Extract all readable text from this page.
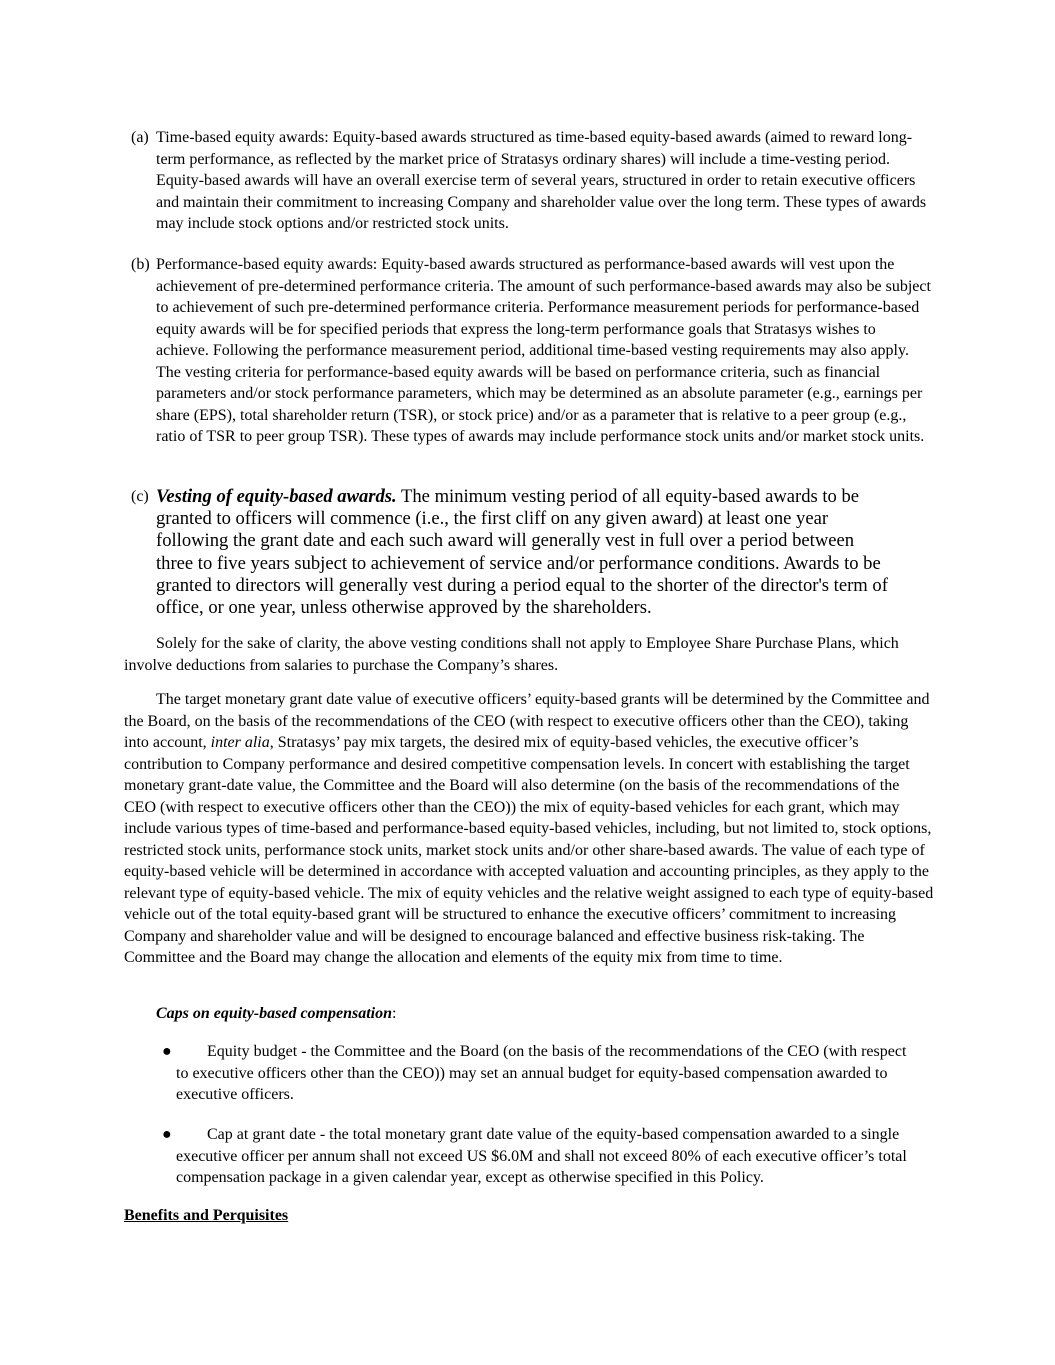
(a) Time-based equity awards: Equity-based awards structured as time-based equity-based awards (aimed to reward long-term performance, as reflected by the market price of Stratasys ordinary shares) will include a time-vesting period. Equity-based awards will have an overall exercise term of several years, structured in order to retain executive officers and maintain their commitment to increasing Company and shareholder value over the long term. These types of awards may include stock options and/or restricted stock units.
(b) Performance-based equity awards: Equity-based awards structured as performance-based awards will vest upon the achievement of pre-determined performance criteria. The amount of such performance-based awards may also be subject to achievement of such pre-determined performance criteria. Performance measurement periods for performance-based equity awards will be for specified periods that express the long-term performance goals that Stratasys wishes to achieve. Following the performance measurement period, additional time-based vesting requirements may also apply. The vesting criteria for performance-based equity awards will be based on performance criteria, such as financial parameters and/or stock performance parameters, which may be determined as an absolute parameter (e.g., earnings per share (EPS), total shareholder return (TSR), or stock price) and/or as a parameter that is relative to a peer group (e.g., ratio of TSR to peer group TSR). These types of awards may include performance stock units and/or market stock units.
(c) Vesting of equity-based awards. The minimum vesting period of all equity-based awards to be granted to officers will commence (i.e., the first cliff on any given award) at least one year following the grant date and each such award will generally vest in full over a period between three to five years subject to achievement of service and/or performance conditions. Awards to be granted to directors will generally vest during a period equal to the shorter of the director's term of office, or one year, unless otherwise approved by the shareholders.
Solely for the sake of clarity, the above vesting conditions shall not apply to Employee Share Purchase Plans, which involve deductions from salaries to purchase the Company’s shares.
The target monetary grant date value of executive officers’ equity-based grants will be determined by the Committee and the Board, on the basis of the recommendations of the CEO (with respect to executive officers other than the CEO), taking into account, inter alia, Stratasys’ pay mix targets, the desired mix of equity-based vehicles, the executive officer’s contribution to Company performance and desired competitive compensation levels. In concert with establishing the target monetary grant-date value, the Committee and the Board will also determine (on the basis of the recommendations of the CEO (with respect to executive officers other than the CEO)) the mix of equity-based vehicles for each grant, which may include various types of time-based and performance-based equity-based vehicles, including, but not limited to, stock options, restricted stock units, performance stock units, market stock units and/or other share-based awards. The value of each type of equity-based vehicle will be determined in accordance with accepted valuation and accounting principles, as they apply to the relevant type of equity-based vehicle. The mix of equity vehicles and the relative weight assigned to each type of equity-based vehicle out of the total equity-based grant will be structured to enhance the executive officers’ commitment to increasing Company and shareholder value and will be designed to encourage balanced and effective business risk-taking. The Committee and the Board may change the allocation and elements of the equity mix from time to time.
Caps on equity-based compensation:
●	Equity budget - the Committee and the Board (on the basis of the recommendations of the CEO (with respect to executive officers other than the CEO)) may set an annual budget for equity-based compensation awarded to executive officers.
●	Cap at grant date - the total monetary grant date value of the equity-based compensation awarded to a single executive officer per annum shall not exceed US $6.0M and shall not exceed 80% of each executive officer’s total compensation package in a given calendar year, except as otherwise specified in this Policy.
Benefits and Perquisites
